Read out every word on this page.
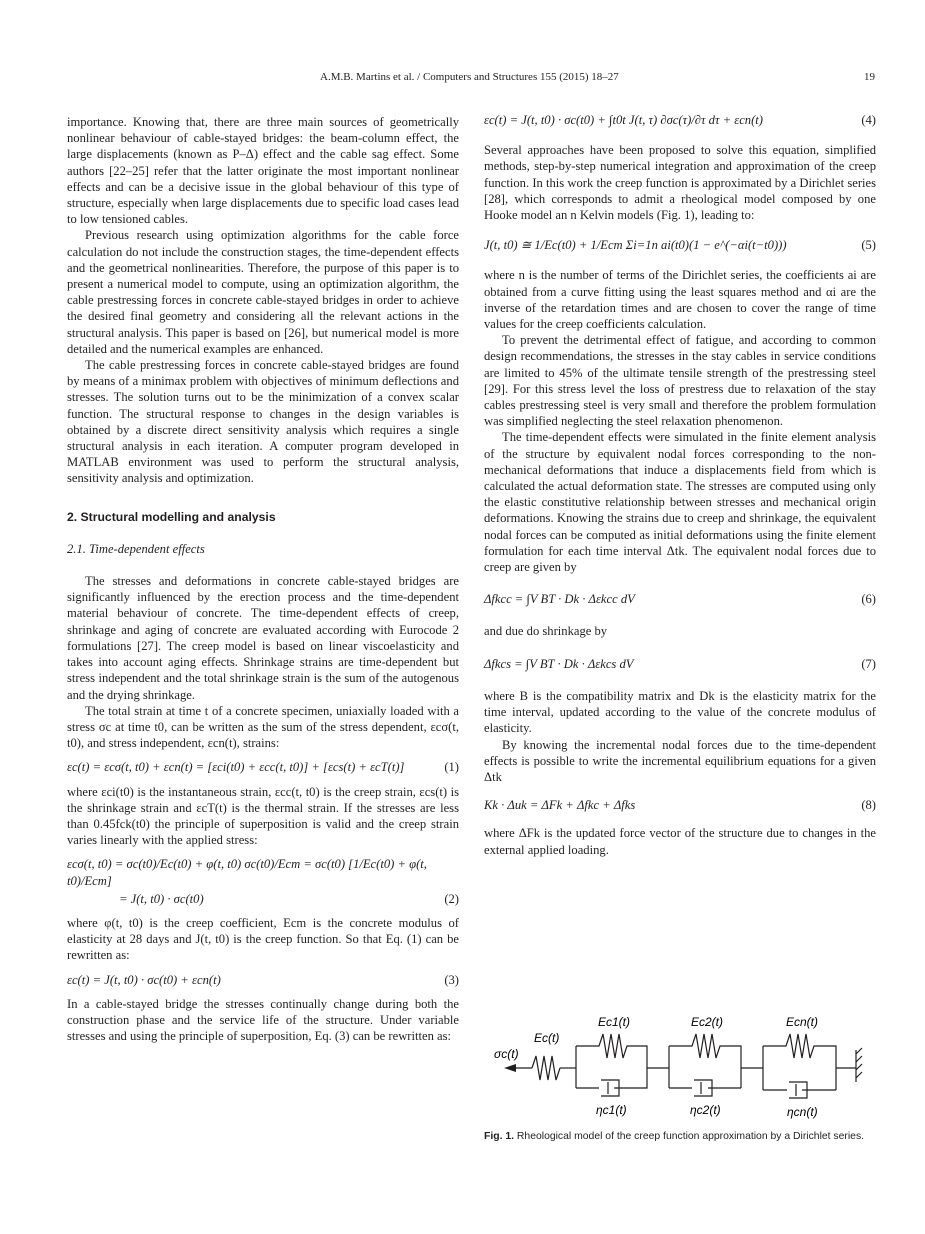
A.M.B. Martins et al. / Computers and Structures 155 (2015) 18–27	19
importance. Knowing that, there are three main sources of geometrically nonlinear behaviour of cable-stayed bridges: the beam-column effect, the large displacements (known as P–Δ) effect and the cable sag effect. Some authors [22–25] refer that the latter originate the most important nonlinear effects and can be a decisive issue in the global behaviour of this type of structure, especially when large displacements due to specific load cases lead to low tensioned cables.
Previous research using optimization algorithms for the cable force calculation do not include the construction stages, the time-dependent effects and the geometrical nonlinearities. Therefore, the purpose of this paper is to present a numerical model to compute, using an optimization algorithm, the cable prestressing forces in concrete cable-stayed bridges in order to achieve the desired final geometry and considering all the relevant actions in the structural analysis. This paper is based on [26], but numerical model is more detailed and the numerical examples are enhanced.
The cable prestressing forces in concrete cable-stayed bridges are found by means of a minimax problem with objectives of minimum deflections and stresses. The solution turns out to be the minimization of a convex scalar function. The structural response to changes in the design variables is obtained by a discrete direct sensitivity analysis which requires a single structural analysis in each iteration. A computer program developed in MATLAB environment was used to perform the structural analysis, sensitivity analysis and optimization.
2. Structural modelling and analysis
2.1. Time-dependent effects
The stresses and deformations in concrete cable-stayed bridges are significantly influenced by the erection process and the time-dependent material behaviour of concrete. The time-dependent effects of creep, shrinkage and aging of concrete are evaluated according with Eurocode 2 formulations [27]. The creep model is based on linear viscoelasticity and takes into account aging effects. Shrinkage strains are time-dependent but stress independent and the total shrinkage strain is the sum of the autogenous and the drying shrinkage.
The total strain at time t of a concrete specimen, uniaxially loaded with a stress σc at time t0, can be written as the sum of the stress dependent, εcσ(t, t0), and stress independent, εcn(t), strains:
εc(t) = εcσ(t, t0) + εcn(t) = [εci(t0) + εcc(t, t0)] + [εcs(t) + εcT(t)]	(1)
where εci(t0) is the instantaneous strain, εcc(t, t0) is the creep strain, εcs(t) is the shrinkage strain and εcT(t) is the thermal strain. If the stresses are less than 0.45fck(t0) the principle of superposition is valid and the creep strain varies linearly with the applied stress:
εcσ(t, t0) = σc(t0)/Ec(t0) + φ(t, t0) σc(t0)/Ecm = σc(t0) [1/Ec(t0) + φ(t, t0)/Ecm]
= J(t, t0) · σc(t0)	(2)
where φ(t, t0) is the creep coefficient, Ecm is the concrete modulus of elasticity at 28 days and J(t, t0) is the creep function. So that Eq. (1) can be rewritten as:
εc(t) = J(t, t0) · σc(t0) + εcn(t)	(3)
In a cable-stayed bridge the stresses continually change during both the construction phase and the service life of the structure. Under variable stresses and using the principle of superposition, Eq. (3) can be rewritten as:
εc(t) = J(t, t0) · σc(t0) + ∫t0t J(t, τ) ∂σc(τ)/∂τ dτ + εcn(t)	(4)
Several approaches have been proposed to solve this equation, simplified methods, step-by-step numerical integration and approximation of the creep function. In this work the creep function is approximated by a Dirichlet series [28], which corresponds to admit a rheological model composed by one Hooke model an n Kelvin models (Fig. 1), leading to:
J(t, t0) ≅ 1/Ec(t0) + 1/Ecm Σi=1n ai(t0)(1 − e^(−αi(t−t0)))	(5)
where n is the number of terms of the Dirichlet series, the coefficients ai are obtained from a curve fitting using the least squares method and αi are the inverse of the retardation times and are chosen to cover the range of time values for the creep coefficients calculation.
To prevent the detrimental effect of fatigue, and according to common design recommendations, the stresses in the stay cables in service conditions are limited to 45% of the ultimate tensile strength of the prestressing steel [29]. For this stress level the loss of prestress due to relaxation of the stay cables prestressing steel is very small and therefore the problem formulation was simplified neglecting the steel relaxation phenomenon.
The time-dependent effects were simulated in the finite element analysis of the structure by equivalent nodal forces corresponding to the non-mechanical deformations that induce a displacements field from which is calculated the actual deformation state. The stresses are computed using only the elastic constitutive relationship between stresses and mechanical origin deformations. Knowing the strains due to creep and shrinkage, the equivalent nodal forces can be computed as initial deformations using the finite element formulation for each time interval Δtk. The equivalent nodal forces due to creep are given by
Δfkcc = ∫V BT · Dk · Δεkcc dV	(6)
and due do shrinkage by
Δfkcs = ∫V BT · Dk · Δεkcs dV	(7)
where B is the compatibility matrix and Dk is the elasticity matrix for the time interval, updated according to the value of the concrete modulus of elasticity.
By knowing the incremental nodal forces due to the time-dependent effects is possible to write the incremental equilibrium equations for a given Δtk
Kk · Δuk = ΔFk + Δfkc + Δfks	(8)
where ΔFk is the updated force vector of the structure due to changes in the external applied loading.
σc(t)
Ec(t)
Ec1(t)	Ec2(t)	Ecn(t)
ηc1(t)	ηc2(t)	ηcn(t)
Fig. 1. Rheological model of the creep function approximation by a Dirichlet series.
